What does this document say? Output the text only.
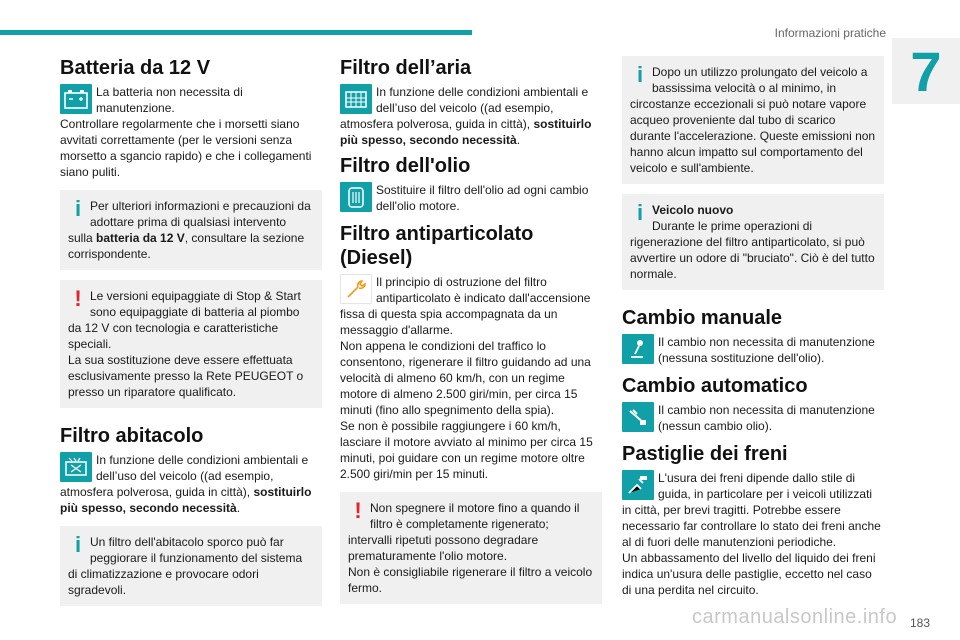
Informazioni pratiche
7
Batteria da 12 V
La batteria non necessita di manutenzione.
Controllare regolarmente che i morsetti siano avvitati correttamente (per le versioni senza morsetto a sgancio rapido) e che i collegamenti siano puliti.
i Per ulteriori informazioni e precauzioni da adottare prima di qualsiasi intervento sulla batteria da 12 V, consultare la sezione corrispondente.
! Le versioni equipaggiate di Stop & Start sono equipaggiate di batteria al piombo da 12 V con tecnologia e caratteristiche speciali.
La sua sostituzione deve essere effettuata esclusivamente presso la Rete PEUGEOT o presso un riparatore qualificato.
Filtro abitacolo
In funzione delle condizioni ambientali e dell’uso del veicolo ((ad esempio, atmosfera polverosa, guida in città), sostituirlo più spesso, secondo necessità.
i Un filtro dell'abitacolo sporco può far peggiorare il funzionamento del sistema di climatizzazione e provocare odori sgradevoli.
Filtro dell’aria
In funzione delle condizioni ambientali e dell’uso del veicolo ((ad esempio, atmosfera polverosa, guida in città), sostituirlo più spesso, secondo necessità.
Filtro dell'olio
Sostituire il filtro dell'olio ad ogni cambio dell'olio motore.
Filtro antiparticolato (Diesel)
Il principio di ostruzione del filtro antiparticolato è indicato dall'accensione fissa di questa spia accompagnata da un messaggio d'allarme.
Non appena le condizioni del traffico lo consentono, rigenerare il filtro guidando ad una velocità di almeno 60 km/h, con un regime motore di almeno 2.500 giri/min, per circa 15 minuti (fino allo spegnimento della spia).
Se non è possibile raggiungere i 60 km/h, lasciare il motore avviato al minimo per circa 15 minuti, poi guidare con un regime motore oltre 2.500 giri/min per 15 minuti.
! Non spegnere il motore fino a quando il filtro è completamente rigenerato; intervalli ripetuti possono degradare prematuramente l'olio motore.
Non è consigliabile rigenerare il filtro a veicolo fermo.
i Dopo un utilizzo prolungato del veicolo a bassissima velocità o al minimo, in circostanze eccezionali si può notare vapore acqueo proveniente dal tubo di scarico durante l'accelerazione. Queste emissioni non hanno alcun impatto sul comportamento del veicolo e sull'ambiente.
i Veicolo nuovo
Durante le prime operazioni di rigenerazione del filtro antiparticolato, si può avvertire un odore di "bruciato". Ciò è del tutto normale.
Cambio manuale
Il cambio non necessita di manutenzione (nessuna sostituzione dell'olio).
Cambio automatico
Il cambio non necessita di manutenzione (nessun cambio olio).
Pastiglie dei freni
L'usura dei freni dipende dallo stile di guida, in particolare per i veicoli utilizzati in città, per brevi tragitti. Potrebbe essere necessario far controllare lo stato dei freni anche al di fuori delle manutenzioni periodiche.
Un abbassamento del livello del liquido dei freni indica un'usura delle pastiglie, eccetto nel caso di una perdita nel circuito.
carmanualsonline.info 183
